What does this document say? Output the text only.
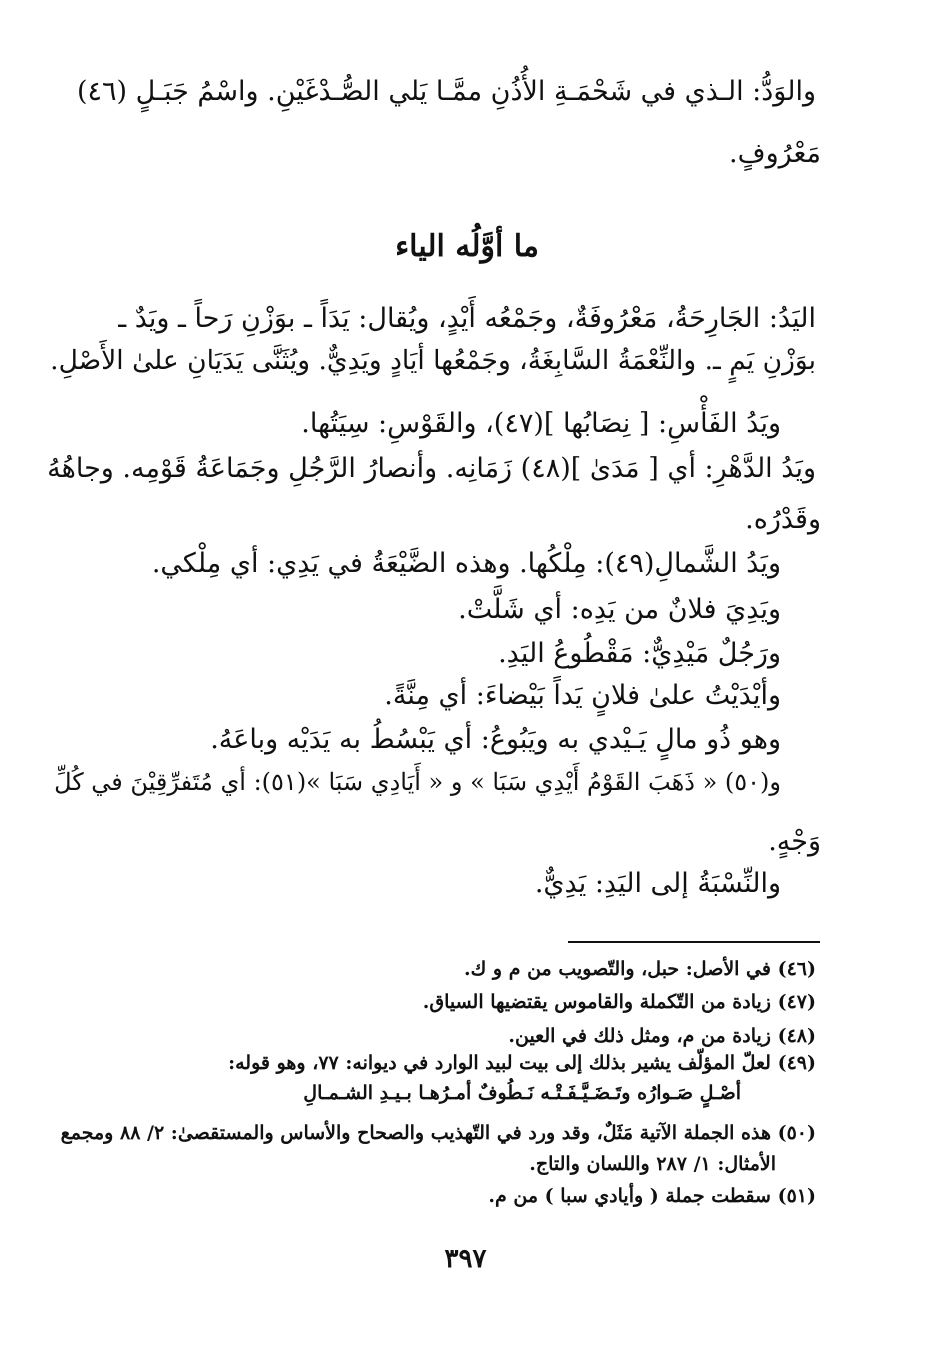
والوَدُّ: الـذي في شَحْمَـةِ الأُذُنِ ممَّـا يَلي الصُّـدْغَيْنِ. واسْمُ جَبَـلٍ (٤٦)
مَعْرُوفٍ.
ما أوَّلُه الياء
اليَدُ: الجَارِحَةُ، مَعْرُوفَةٌ، وجَمْعُه أَيْدٍ، ويُقال: يَدَاً ـ بوَزْنِ رَحاً ـ ويَدٌ ـ
بوَزْنِ يَمٍ ـ. والنِّعْمَةُ السَّابِغَةُ، وجَمْعُها أيَادٍ ويَدِيٌّ. ويُثَنَّى يَدَيَانِ علىٰ الأَصْلِ.
ويَدُ الفَأْسِ: [ نِصَابُها ](٤٧)، والقَوْسِ: سِيَتُها.
ويَدُ الدَّهْرِ: أي [ مَدَىٰ ](٤٨) زَمَانِه. وأنصارُ الرَّجُلِ وجَمَاعَةُ قَوْمِه. وجاهُهُ
وقَدْرُه.
ويَدُ الشَّمالِ(٤٩): مِلْكُها. وهذه الضَّيْعَةُ في يَدِي: أي مِلْكي.
ويَدِيَ فلانٌ من يَدِه: أي شَلَّتْ.
ورَجُلٌ مَيْدِيٌّ: مَقْطُوعُ اليَدِ.
وأيْدَيْتُ علىٰ فلانٍ يَداً بَيْضاءَ: أي مِنَّةً.
وهو ذُو مالٍ يَـيْدي به ويَبُوعُ: أي يَبْسُطُ به يَدَيْه وباعَهُ.
و(٥٠) « ذَهَبَ القَوْمُ أَيْدِي سَبَا » و « أَيَادِي سَبَا »(٥١): أي مُتَفرِّقِيْنَ في كُلِّ
وَجْهٍ.
والنِّسْبَةُ إلى اليَدِ: يَدِيٌّ.
(٤٦) في الأصل: حبل، والتّصويب من م و ك.
(٤٧) زيادة من التّكملة والقاموس يقتضيها السياق.
(٤٨) زيادة من م، ومثل ذلك في العين.
(٤٩) لعلّ المؤلّف يشير بذلك إلى بيت لبيد الوارد في ديوانه: ٧٧، وهو قوله:
أصْـلٍ صَـوارُه وتَـضَـيَّـفَـتْـه نَـطُوفٌ أمـرُهـا بـيـدِ الشـمـالِ
(٥٠) هذه الجملة الآتية مَثَلٌ، وقد ورد في التّهذيب والصحاح والأساس والمستقصىٰ: ٢/ ٨٨ ومجمع
الأمثال: ١/ ٢٨٧ واللسان والتاج.
(٥١) سقطت جملة ( وأيادي سبا ) من م.
٣٩٧
